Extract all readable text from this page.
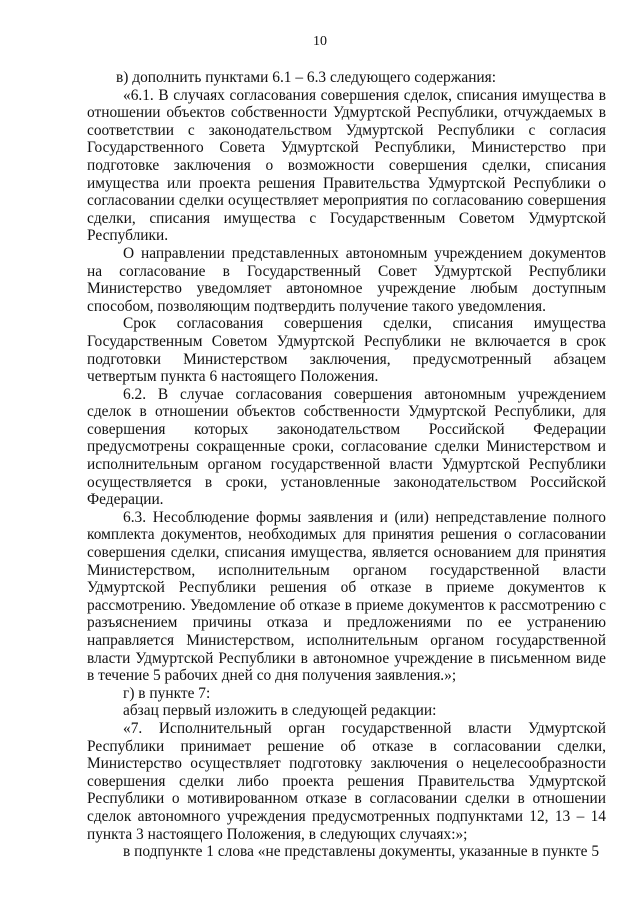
10

в) дополнить пунктами 6.1 – 6.3 следующего содержания:

«6.1. В случаях согласования совершения сделок, списания имущества в отношении объектов собственности Удмуртской Республики, отчуждаемых в соответствии с законодательством Удмуртской Республики с согласия Государственного Совета Удмуртской Республики, Министерство при подготовке заключения о возможности совершения сделки, списания имущества или проекта решения Правительства Удмуртской Республики о согласовании сделки осуществляет мероприятия по согласованию совершения сделки, списания имущества с Государственным Советом Удмуртской Республики.

О направлении представленных автономным учреждением документов на согласование в Государственный Совет Удмуртской Республики Министерство уведомляет автономное учреждение любым доступным способом, позволяющим подтвердить получение такого уведомления.

Срок согласования совершения сделки, списания имущества Государственным Советом Удмуртской Республики не включается в срок подготовки Министерством заключения, предусмотренный абзацем четвертым пункта 6 настоящего Положения.

6.2. В случае согласования совершения автономным учреждением сделок в отношении объектов собственности Удмуртской Республики, для совершения которых законодательством Российской Федерации предусмотрены сокращенные сроки, согласование сделки Министерством и исполнительным органом государственной власти Удмуртской Республики осуществляется в сроки, установленные законодательством Российской Федерации.

6.3. Несоблюдение формы заявления и (или) непредставление полного комплекта документов, необходимых для принятия решения о согласовании совершения сделки, списания имущества, является основанием для принятия Министерством, исполнительным органом государственной власти Удмуртской Республики решения об отказе в приеме документов к рассмотрению. Уведомление об отказе в приеме документов к рассмотрению с разъяснением причины отказа и предложениями по ее устранению направляется Министерством, исполнительным органом государственной власти Удмуртской Республики в автономное учреждение в письменном виде в течение 5 рабочих дней со дня получения заявления.»;

г) в пункте 7:

абзац первый изложить в следующей редакции:

«7. Исполнительный орган государственной власти Удмуртской Республики принимает решение об отказе в согласовании сделки, Министерство осуществляет подготовку заключения о нецелесообразности совершения сделки либо проекта решения Правительства Удмуртской Республики о мотивированном отказе в согласовании сделки в отношении сделок автономного учреждения предусмотренных подпунктами 12, 13 – 14 пункта 3 настоящего Положения, в следующих случаях:»;

в подпункте 1 слова «не представлены документы, указанные в пункте 5
